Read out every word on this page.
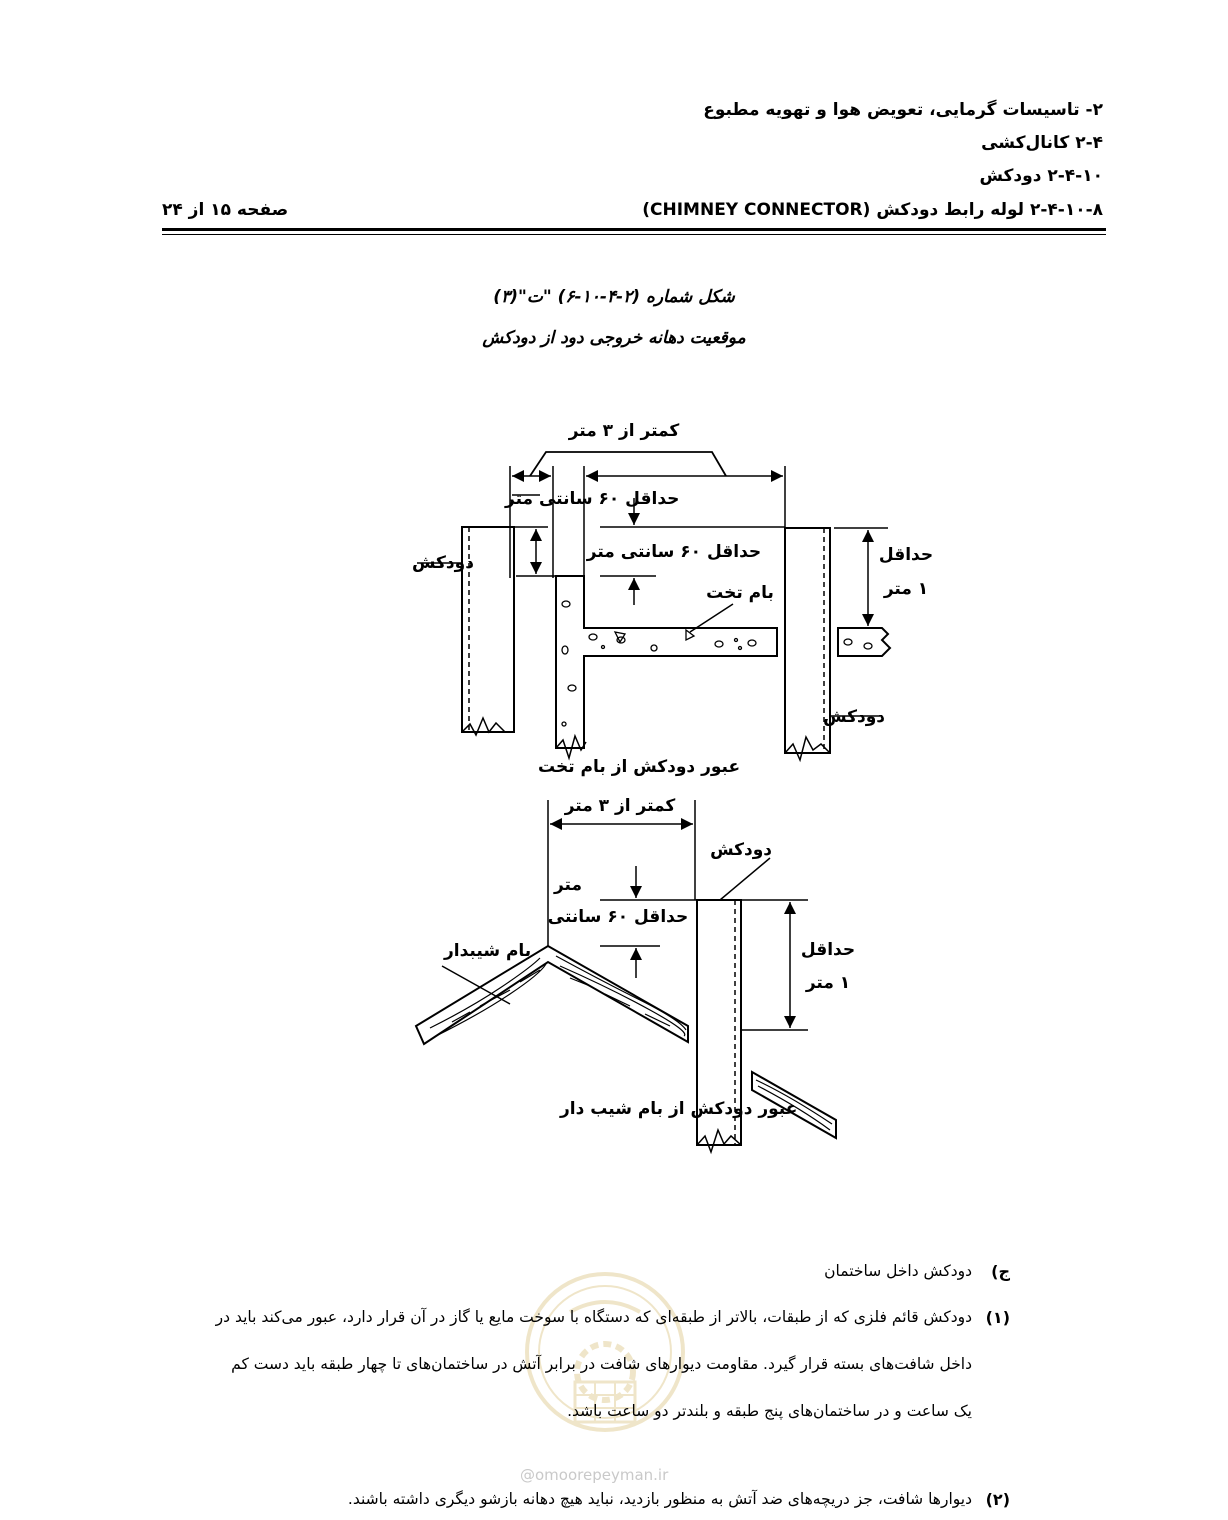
۲- تاسیسات گرمایی، تعویض هوا و تهویه مطبوع
۲-۴ کانال‌کشی
۲-۴-۱۰ دودکش
۲-۴-۱۰-۸ لوله رابط دودکش (CHIMNEY CONNECTOR)
صفحه ۱۵ از ۲۴
شکل شماره (۲-۴-۱۰-۶) "ت"(۳)
موقعیت دهانه خروجی دود از دودکش
کمتر از ۳ متر
حداقل ۶۰ سانتی متر
دودکش
حداقل ۶۰ سانتی متر
بام تخت
حداقل
۱ متر
دودکش
عبور دودکش از بام تخت
کمتر از ۳ متر
دودکش
متر
حداقل ۶۰ سانتی
بام شیبدار	حداقل
۱ متر
عبور دودکش از بام شیب دار
@omoorepeyman.ir
ج)
دودکش داخل ساختمان
(۱)
دودکش قائم فلزی که از طبقات، بالاتر از طبقه‌ای که دستگاه با سوخت مایع یا گاز در آن قرار دارد، عبور می‌کند باید در
داخل شافت‌های بسته قرار گیرد. مقاومت دیوارهای شافت در برابر آتش در ساختمان‌های تا چهار طبقه باید دست کم
یک ساعت و در ساختمان‌های پنج طبقه و بلندتر دو ساعت باشد.
(۲)
دیوارها شافت، جز دریچه‌های ضد آتش به منظور بازدید، نباید هیچ دهانه بازشو دیگری داشته باشند.
